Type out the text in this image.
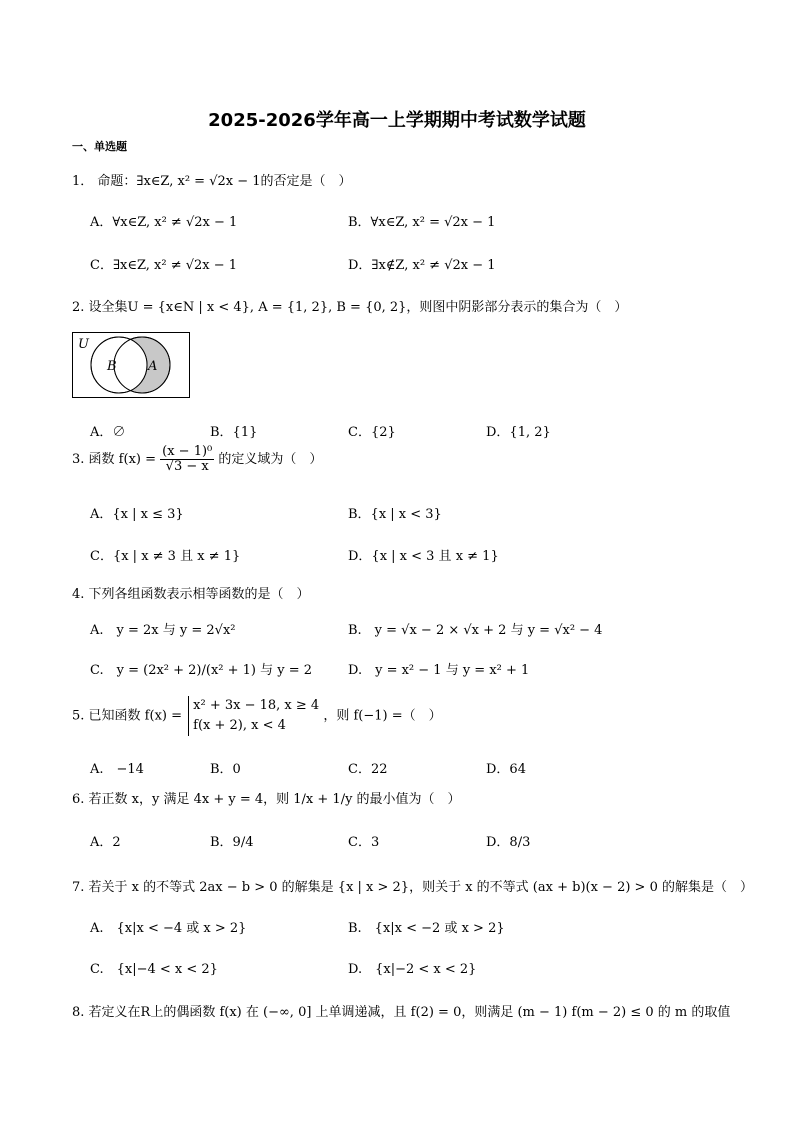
2025-2026学年高一上学期期中考试数学试题
一、单选题
1． 命题：∃x∈Z, x² = √2x − 1的否定是（　）
A．∀x∈Z, x² ≠ √2x − 1	B．∀x∈Z, x² = √2x − 1
C．∃x∈Z, x² ≠ √2x − 1	D．∃x∉Z, x² ≠ √2x − 1
2. 设全集U = {x∈N | x < 4}, A = {1, 2}, B = {0, 2}，则图中阴影部分表示的集合为（　）
U
B A
A．∅	B．{1}	C．{2}	D．{1, 2}
3. 函数 $f(x) = \frac{\text{(x − 1)⁰}}{√3 - x}$ 的定义域为（　）
A．{x | x ≤ 3}	B．{x | x < 3}
C．{x | x ≠ 3 且 x ≠ 1}	D．{x | x < 3 且 x ≠ 1}
4. 下列各组函数表示相等函数的是（　）
A.　y = 2x 与 y = 2√x²	B.　y = √x − 2 × √x + 2 与 y = √x² − 4
C.　y = (2x² + 2)/(x² + 1) 与 y = 2	D.　y = x² − 1 与 y = x² + 1
5. 已知函数 f(x) =
x² + 3x − 18, x ≥ 4
f(x + 2), x < 4
，则 f(−1) =（　）
A.　−14	B．0	C．22	D．64
6. 若正数 x，y 满足 4x + y = 4，则 1/x + 1/y 的最小值为（　）
A．2	B．9/4	C．3	D．8/3
7. 若关于 x 的不等式 2ax − b > 0 的解集是 {x | x > 2}，则关于 x 的不等式 (ax + b)(x − 2) > 0 的解集是（　）
A.　{x|x < −4 或 x > 2}	B.　{x|x < −2 或 x > 2}
C.　{x|−4 < x < 2}	D.　{x|−2 < x < 2}
8. 若定义在R上的偶函数 f(x) 在 (−∞, 0] 上单调递减，且 f(2) = 0，则满足 (m − 1) f(m − 2) ≤ 0 的 m 的取值
